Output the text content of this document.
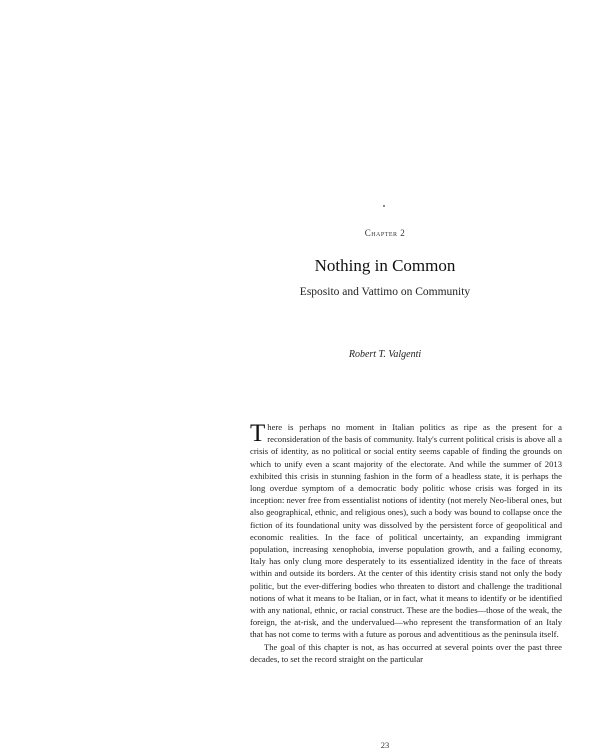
Chapter 2
Nothing in Common
Esposito and Vattimo on Community
Robert T. Valgenti

There is perhaps no moment in Italian politics as ripe as the present for a reconsideration of the basis of community. Italy's current political crisis is above all a crisis of identity, as no political or social entity seems capable of finding the grounds on which to unify even a scant majority of the electorate. And while the summer of 2013 exhibited this crisis in stunning fashion in the form of a headless state, it is perhaps the long overdue symptom of a democratic body politic whose crisis was forged in its inception: never free from essentialist notions of identity (not merely Neo-liberal ones, but also geographical, ethnic, and religious ones), such a body was bound to collapse once the fiction of its foundational unity was dissolved by the persistent force of geopolitical and economic realities. In the face of political uncertainty, an expanding immigrant population, increasing xenophobia, inverse population growth, and a failing economy, Italy has only clung more desperately to its essentialized identity in the face of threats within and outside its borders. At the center of this identity crisis stand not only the body politic, but the ever-differing bodies who threaten to distort and challenge the traditional notions of what it means to be Italian, or in fact, what it means to identify or be identified with any national, ethnic, or racial construct. These are the bodies—those of the weak, the foreign, the at-risk, and the undervalued—who represent the transformation of an Italy that has not come to terms with a future as porous and adventitious as the peninsula itself.

The goal of this chapter is not, as has occurred at several points over the past three decades, to set the record straight on the particular

23
